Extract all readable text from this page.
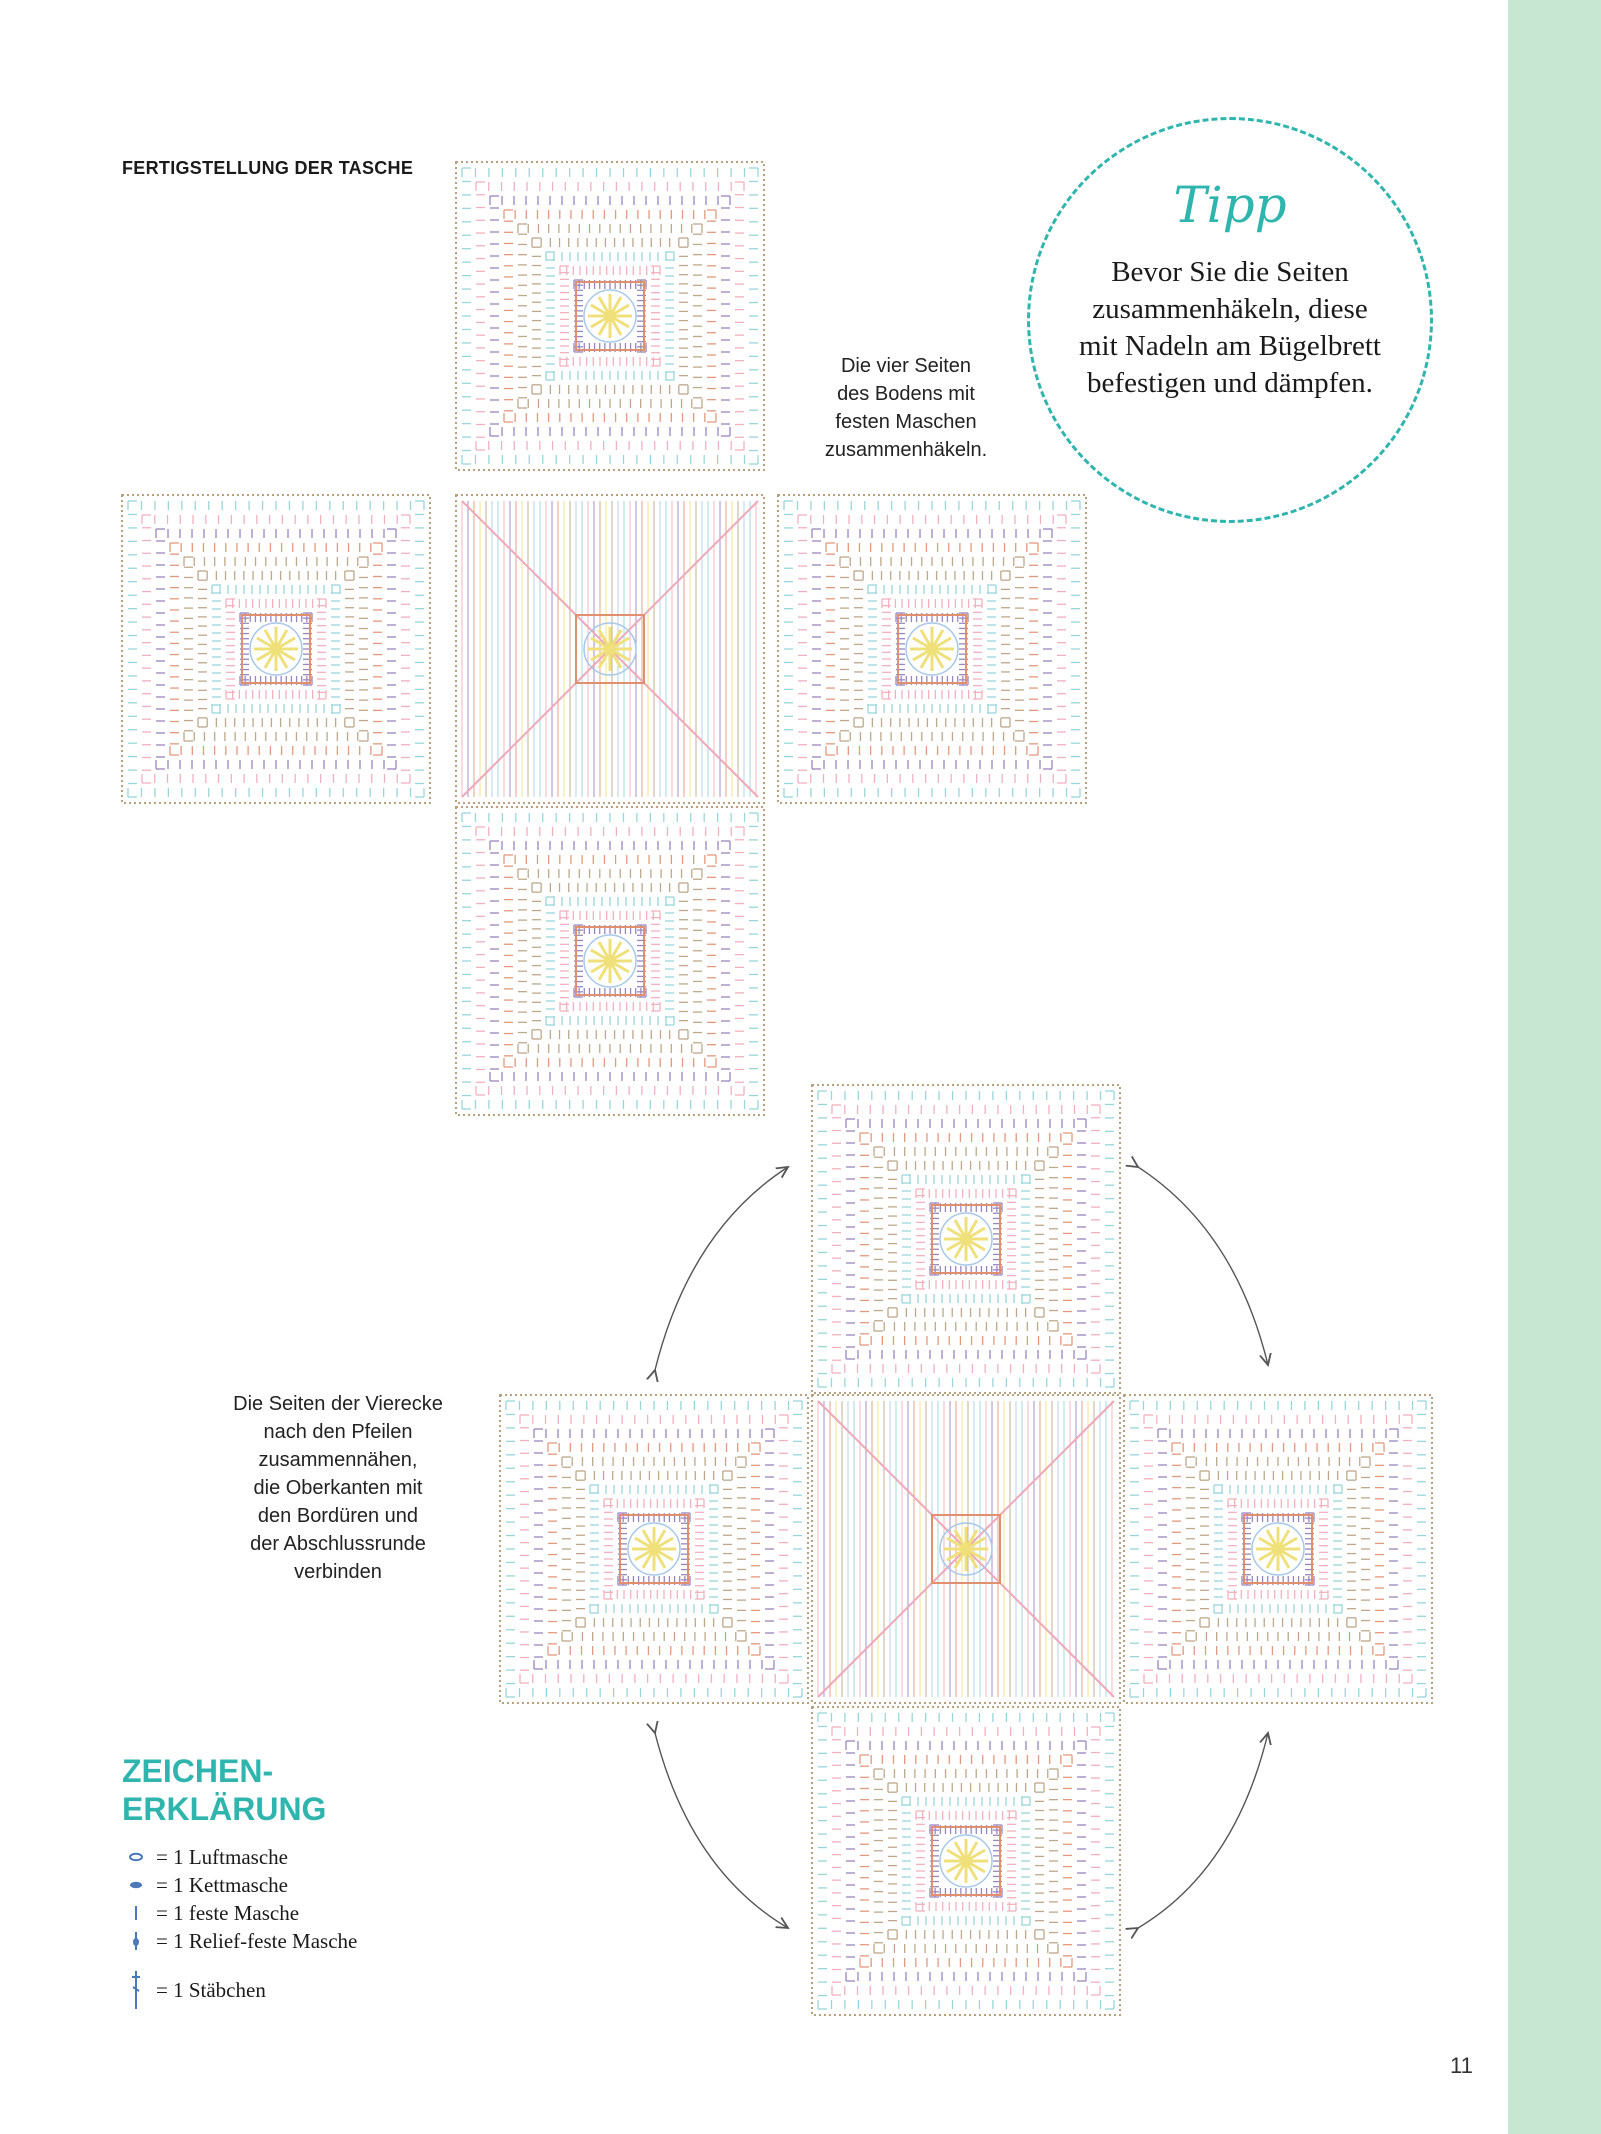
FERTIGSTELLUNG DER TASCHE
Die Seiten der Vierecke
nach den Pfeilen
zusammennähen,
die Oberkanten mit
den Bordüren und
der Abschlussrunde
verbinden
Die vier Seiten
des Bodens mit
festen Maschen
zusammenhäkeln.
Tipp
Bevor Sie die Seiten
zusammenhäkeln, diese
mit Nadeln am Bügelbrett
befestigen und dämpfen.
ZEICHEN-
ERKLÄRUNG
= 1 Luftmasche
= 1 Kettmasche
= 1 feste Masche
= 1 Relief-feste Masche
= 1 Stäbchen
11
